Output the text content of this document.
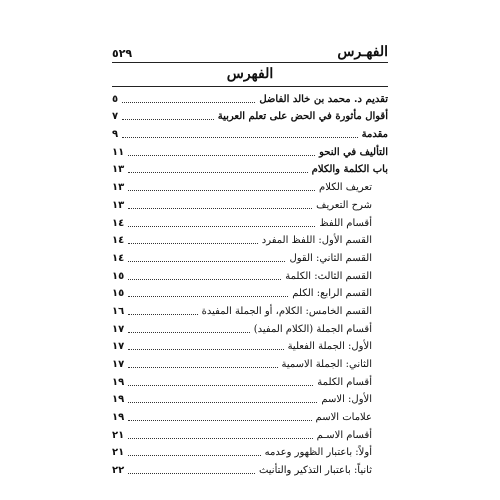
الفهـرس
٥٢٩
الفهرس
تقديم د. محمد بن خالد الفاضل
٥
أقوال مأثورة في الحض على تعلم العربية
٧
مقدمة
٩
التأليف في النحو
١١
باب الكلمة والكلام
١٣
تعريف الكلام
١٣
شرح التعريف
١٣
أقسام اللفظ
١٤
القسم الأول: اللفظ المفرد
١٤
القسم الثاني: القول
١٤
القسم الثالث: الكلمة
١٥
القسم الرابع: الكلم
١٥
القسم الخامس: الكلام، أو الجملة المفيدة
١٦
أقسام الجملة (الكلام المفيد)
١٧
الأول: الجملة الفعلية
١٧
الثاني: الجملة الاسمية
١٧
أقسام الكلمة
١٩
الأول: الاسم
١٩
علامات الاسم
١٩
أقسام الاسـم
٢١
أولاً: باعتبار الظهور وعدمه
٢١
ثانياً: باعتبار التذكير والتأنيث
٢٢
